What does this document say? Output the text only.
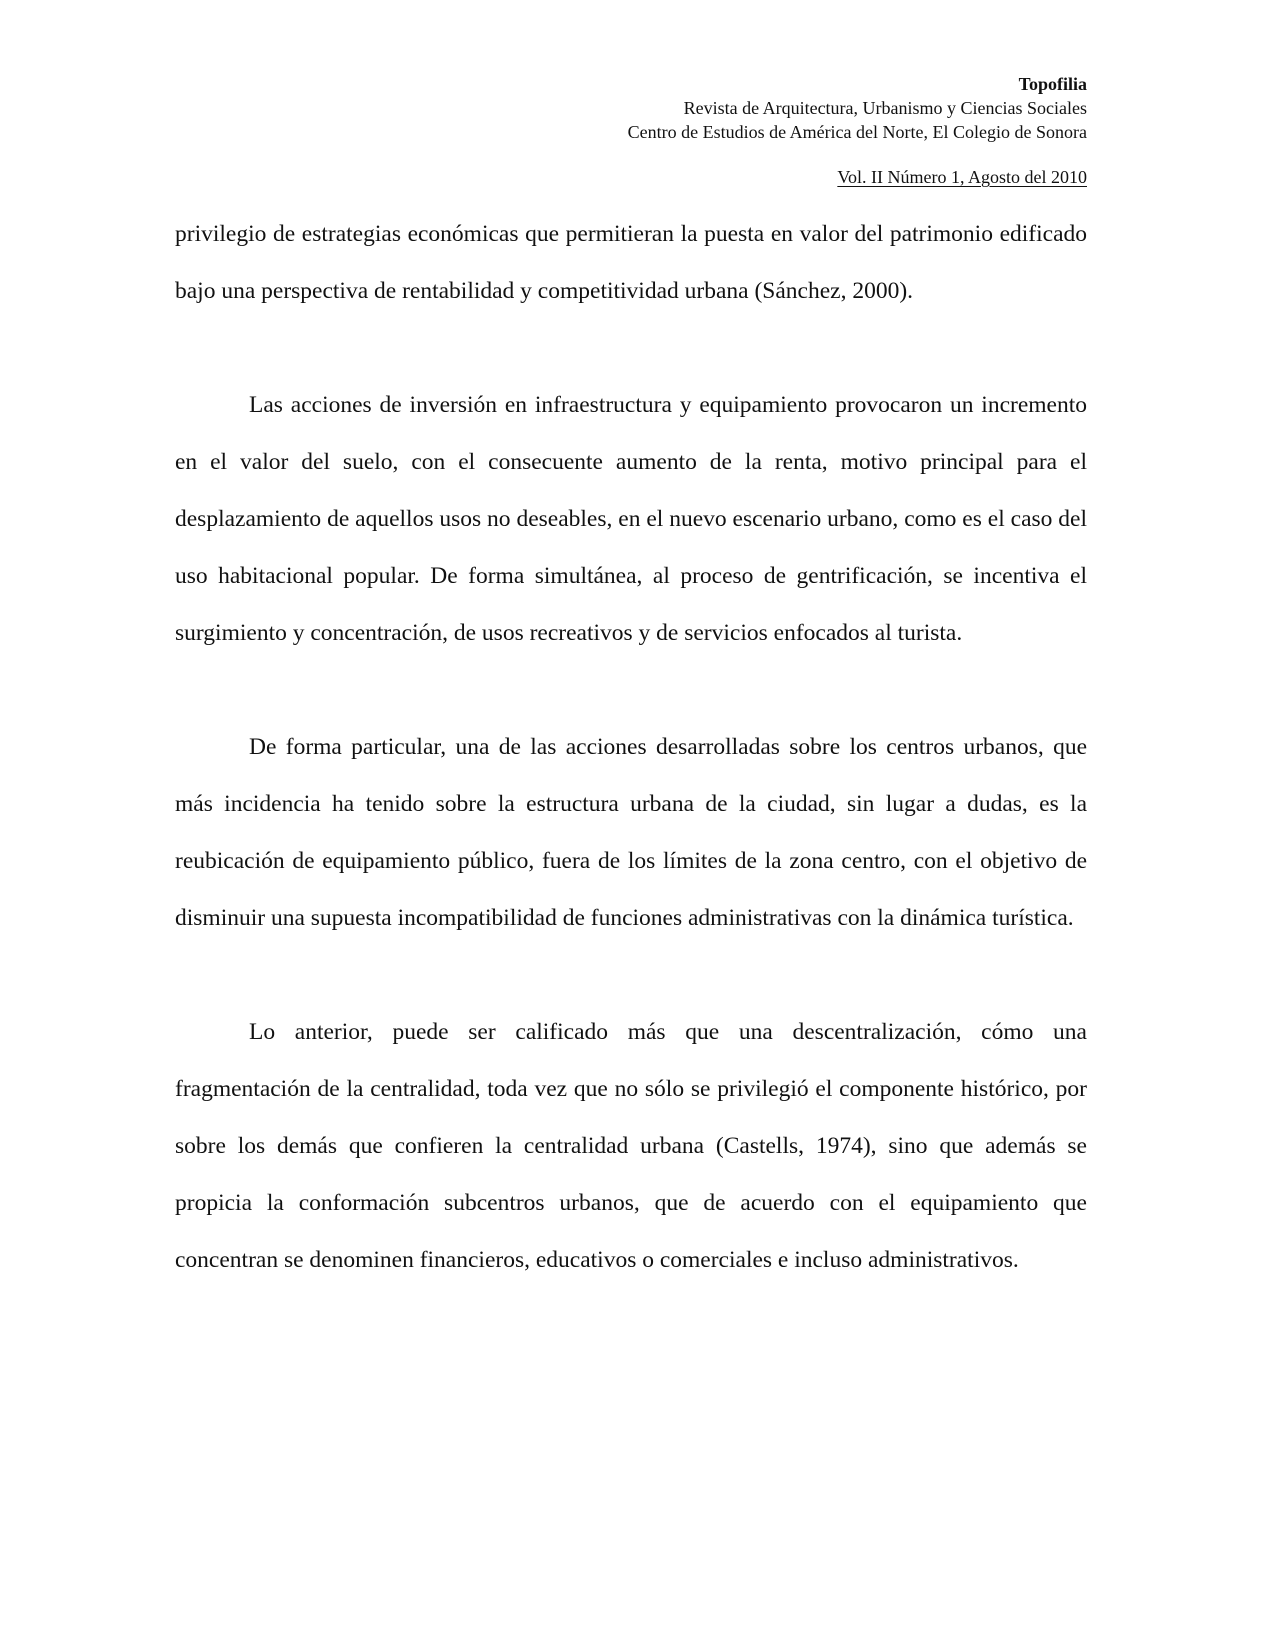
Topofilia
Revista de Arquitectura, Urbanismo y Ciencias Sociales
Centro de Estudios de América del Norte, El Colegio de Sonora
Vol. II Número 1, Agosto del 2010

privilegio de estrategias económicas que permitieran la puesta en valor del patrimonio edificado bajo una perspectiva de rentabilidad y competitividad urbana (Sánchez, 2000).

Las acciones de inversión en infraestructura y equipamiento provocaron un incremento en el valor del suelo, con el consecuente aumento de la renta, motivo principal para el desplazamiento de aquellos usos no deseables, en el nuevo escenario urbano, como es el caso del uso habitacional popular. De forma simultánea, al proceso de gentrificación, se incentiva el surgimiento y concentración, de usos recreativos y de servicios enfocados al turista.

De forma particular, una de las acciones desarrolladas sobre los centros urbanos, que más incidencia ha tenido sobre la estructura urbana de la ciudad, sin lugar a dudas, es la reubicación de equipamiento público, fuera de los límites de la zona centro, con el objetivo de disminuir una supuesta incompatibilidad de funciones administrativas con la dinámica turística.

Lo anterior, puede ser calificado más que una descentralización, cómo una fragmentación de la centralidad, toda vez que no sólo se privilegió el componente histórico, por sobre los demás que confieren la centralidad urbana (Castells, 1974), sino que además se propicia la conformación subcentros urbanos, que de acuerdo con el equipamiento que concentran se denominen financieros, educativos o comerciales e incluso administrativos.
